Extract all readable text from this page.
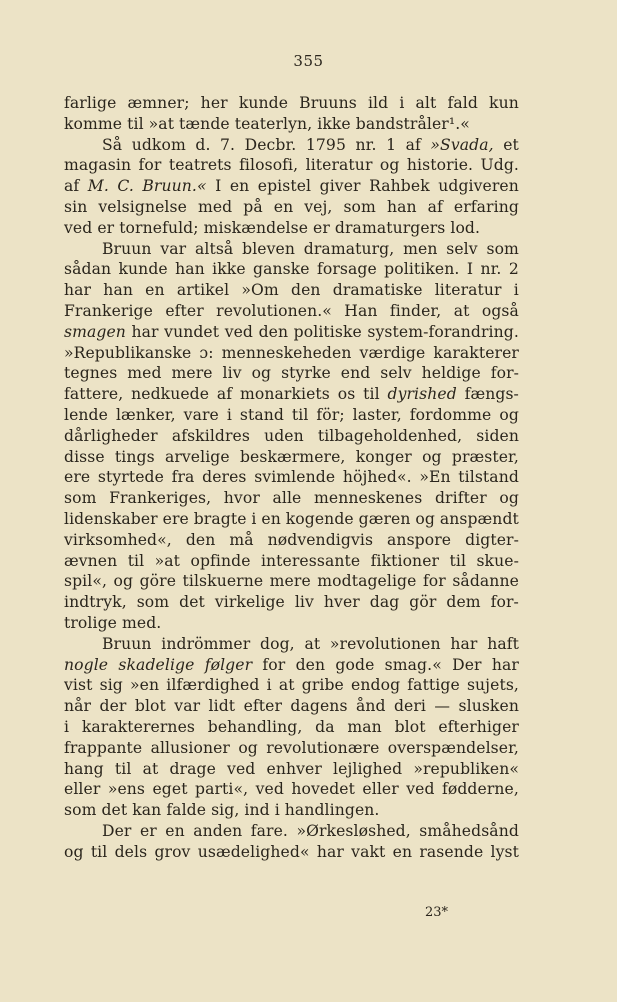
355
farlige æmner; her kunde Bruuns ild i alt fald kun
komme til »at tænde teaterlyn, ikke bandstråler¹.«
Så udkom d. 7. Decbr. 1795 nr. 1 af »Svada, et
magasin for teatrets filosofi, literatur og historie. Udg.
af M. C. Bruun.« I en epistel giver Rahbek udgiveren
sin velsignelse med på en vej, som han af erfaring
ved er tornefuld; miskændelse er dramaturgers lod.
Bruun var altså bleven dramaturg, men selv som
sådan kunde han ikke ganske forsage politiken. I nr. 2
har han en artikel »Om den dramatiske literatur i
Frankerige efter revolutionen.« Han finder, at også
smagen har vundet ved den politiske system-forandring.
»Republikanske ɔ: menneskeheden værdige karakterer
tegnes med mere liv og styrke end selv heldige for-
fattere, nedkuede af monarkiets os til dyrished fængs-
lende lænker, vare i stand til för; laster, fordomme og
dårligheder afskildres uden tilbageholdenhed, siden
disse tings arvelige beskærmere, konger og præster,
ere styrtede fra deres svimlende höjhed«. »En tilstand
som Frankeriges, hvor alle menneskenes drifter og
lidenskaber ere bragte i en kogende gæren og anspændt
virksomhed«, den må nødvendigvis anspore digter-
ævnen til »at opfinde interessante fiktioner til skue-
spil«, og göre tilskuerne mere modtagelige for sådanne
indtryk, som det virkelige liv hver dag gör dem for-
trolige med.
Bruun indrömmer dog, at »revolutionen har haft
nogle skadelige følger for den gode smag.« Der har
vist sig »en ilfærdighed i at gribe endog fattige sujets,
når der blot var lidt efter dagens ånd deri — slusken
i karakterernes behandling, da man blot efterhiger
frappante allusioner og revolutionære overspændelser,
hang til at drage ved enhver lejlighed »republiken«
eller »ens eget parti«, ved hovedet eller ved fødderne,
som det kan falde sig, ind i handlingen.
Der er en anden fare. »Ørkesløshed, småhedsånd
og til dels grov usædelighed« har vakt en rasende lyst
23*
